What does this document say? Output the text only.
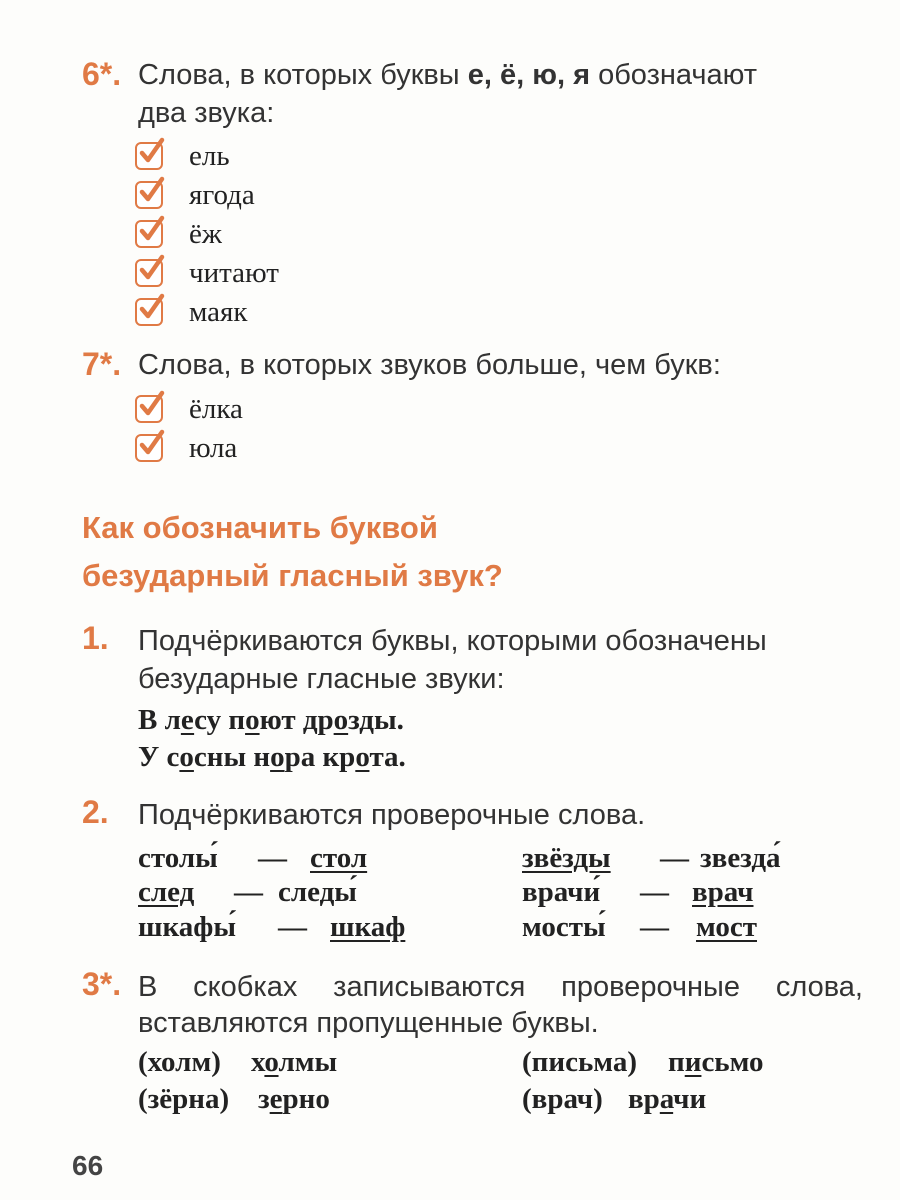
6*. Слова, в которых буквы е, ё, ю, я обозначают
два звука:
ель
ягода
ёж
читают
маяк
7*. Слова, в которых звуков больше, чем букв:
ёлка
юла
Как обозначить буквой
безударный гласный звук?
1. Подчёркиваются буквы, которыми обозначены
безударные гласные звуки:
В лесу поют дрозды.
У сосны нора крота.
2. Подчёркиваются проверочные слова.
столы́ — стол
след — следы́
шкафы́ — шкаф
звёзды — звезда́
врачи́ — врач
мосты́ — мост
3*. В скобках записываются проверочные слова,
вставляются пропущенные буквы.
(холм) холмы
(зёрна) зерно
(письма) письмо
(врач) врачи
66
